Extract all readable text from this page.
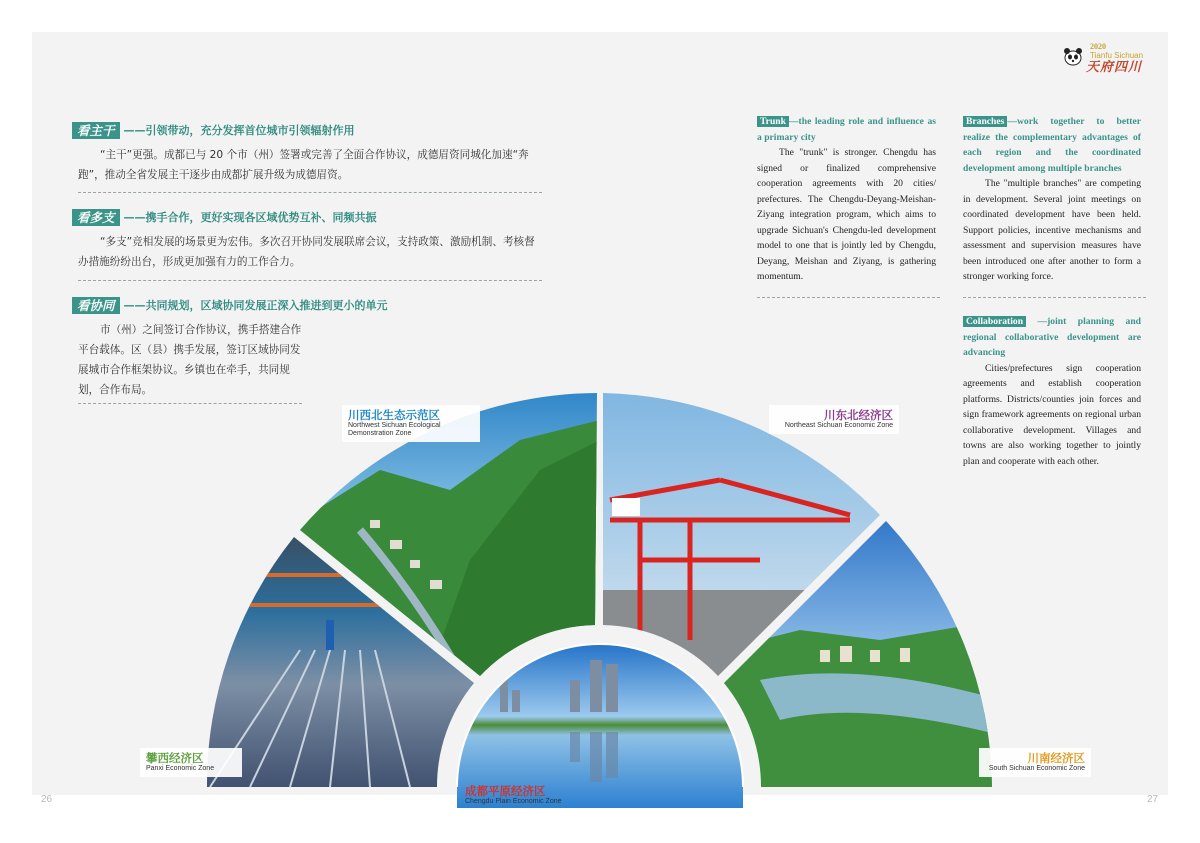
2020
Tianfu Sichuan
天府四川
看主干 ——引领带动，充分发挥首位城市引领辐射作用
“主干”更强。成都已与 20 个市（州）签署或完善了全面合作协议，成德眉资同城化加速“奔跑”，推动全省发展主干逐步由成都扩展升级为成德眉资。
看多支 ——携手合作，更好实现各区域优势互补、同频共振
“多支”竞相发展的场景更为宏伟。多次召开协同发展联席会议，支持政策、激励机制、考核督办措施纷纷出台，形成更加强有力的工作合力。
看协同 ——共同规划，区域协同发展正深入推进到更小的单元
市（州）之间签订合作协议，携手搭建合作平台载体。区（县）携手发展，签订区域协同发展城市合作框架协议。乡镇也在牵手，共同规划，合作布局。
Trunk —the leading role and influence as a primary city
The "trunk" is stronger. Chengdu has signed or finalized comprehensive cooperation agreements with 20 cities/ prefectures. The Chengdu-Deyang-Meishan-Ziyang integration program, which aims to upgrade Sichuan's Chengdu-led development model to one that is jointly led by Chengdu, Deyang, Meishan and Ziyang, is gathering momentum.
Branches —work together to better realize the complementary advantages of each region and the coordinated development among multiple branches
The "multiple branches" are competing in development. Several joint meetings on coordinated development have been held. Support policies, incentive mechanisms and assessment and supervision measures have been introduced one after another to form a stronger working force.
Collaboration —joint planning and regional collaborative development are advancing
Cities/prefectures sign cooperation agreements and establish cooperation platforms. Districts/counties join forces and sign framework agreements on regional urban collaborative development. Villages and towns are also working together to jointly plan and cooperate with each other.
川西北生态示范区
Northwest Sichuan Ecological Demonstration Zone
川东北经济区
Northeast Sichuan Economic Zone
攀西经济区
Panxi Economic Zone
成都平原经济区
Chengdu Plain Economic Zone
川南经济区
South Sichuan Economic Zone
26	27
